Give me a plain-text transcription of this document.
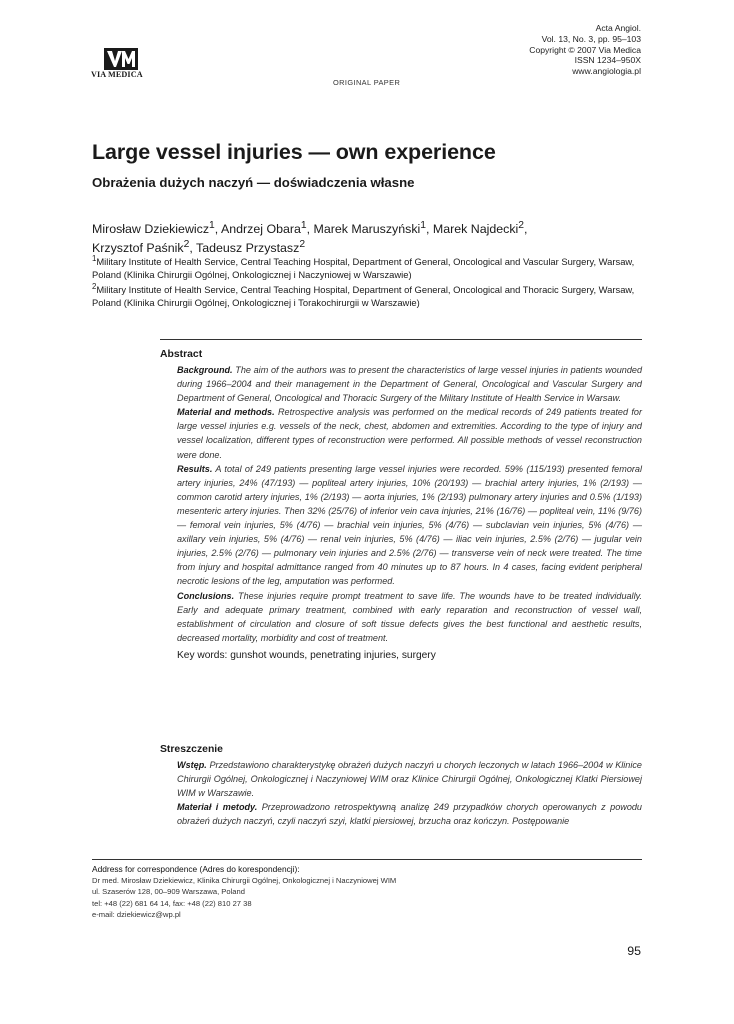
VIA MEDICA
ORIGINAL PAPER
Acta Angiol.
Vol. 13, No. 3, pp. 95–103
Copyright © 2007 Via Medica
ISSN 1234–950X
www.angiologia.pl
Large vessel injuries — own experience
Obrażenia dużych naczyń — doświadczenia własne
Mirosław Dziekiewicz$^1$, Andrzej Obara$^1$, Marek Maruszyński$^1$, Marek Najdecki$^2$,
Krzysztof Paśnik$^2$, Tadeusz Przystasz$^2$

$^1$Military Institute of Health Service, Central Teaching Hospital, Department of General, Oncological and Vascular Surgery, Warsaw, Poland (Klinika Chirurgii Ogólnej, Onkologicznej i Naczyniowej w Warszawie)

$^2$Military Institute of Health Service, Central Teaching Hospital, Department of General, Oncological and Thoracic Surgery, Warsaw, Poland (Klinika Chirurgii Ogólnej, Onkologicznej i Torakochirurgii w Warszawie)

Abstract

Background. The aim of the authors was to present the characteristics of large vessel injuries in patients wounded during 1966–2004 and their management in the Department of General, Oncological and Vascular Surgery and Department of General, Oncological and Thoracic Surgery of the Military Institute of Health Service in Warsaw.

Material and methods. Retrospective analysis was performed on the medical records of 249 patients treated for large vessel injuries e.g. vessels of the neck, chest, abdomen and extremities. According to the type of injury and vessel localization, different types of reconstruction were performed. All possible methods of vessel reconstruction were done.

Results. A total of 249 patients presenting large vessel injuries were recorded. 59% (115/193) presented femoral artery injuries, 24% (47/193) — popliteal artery injuries, 10% (20/193) — brachial artery injuries, 1% (2/193) — common carotid artery injuries, 1% (2/193) — aorta injuries, 1% (2/193) pulmonary artery injuries and 0.5% (1/193) mesenteric artery injuries. Then 32% (25/76) of inferior vein cava injuries, 21% (16/76) — popliteal vein, 11% (9/76) — femoral vein injuries, 5% (4/76) — brachial vein injuries, 5% (4/76) — subclavian vein injuries, 5% (4/76) — axillary vein injuries, 5% (4/76) — renal vein injuries, 5% (4/76) — iliac vein injuries, 2.5% (2/76) — jugular vein injuries, 2.5% (2/76) — pulmonary vein injuries and 2.5% (2/76) — transverse vein of neck were treated. The time from injury and hospital admittance ranged from 40 minutes up to 87 hours. In 4 cases, facing evident peripheral necrotic lesions of the leg, amputation was performed.

Conclusions. These injuries require prompt treatment to save life. The wounds have to be treated individually. Early and adequate primary treatment, combined with early reparation and reconstruction of vessel wall, establishment of circulation and closure of soft tissue defects gives the best functional and aesthetic results, decreased mortality, morbidity and cost of treatment.

Key words: gunshot wounds, penetrating injuries, surgery

Streszczenie

Wstęp. Przedstawiono charakterystykę obrażeń dużych naczyń u chorych leczonych w latach 1966–2004 w Klinice Chirurgii Ogólnej, Onkologicznej i Naczyniowej WIM oraz Klinice Chirurgii Ogólnej, Onkologicznej Klatki Piersiowej WIM w Warszawie.

Materiał i metody. Przeprowadzono retrospektywną analizę 249 przypadków chorych operowanych z powodu obrażeń dużych naczyń, czyli naczyń szyi, klatki piersiowej, brzucha oraz kończyn. Postępowanie

Address for correspondence (Adres do korespondencji):

Dr med. Mirosław Dziekiewicz, Klinika Chirurgii Ogólnej, Onkologicznej i Naczyniowej WIM

ul. Szaserów 128, 00–909 Warszawa, Poland

tel: +48 (22) 681 64 14, fax: +48 (22) 810 27 38

e-mail: dziekiewicz@wp.pl

95
